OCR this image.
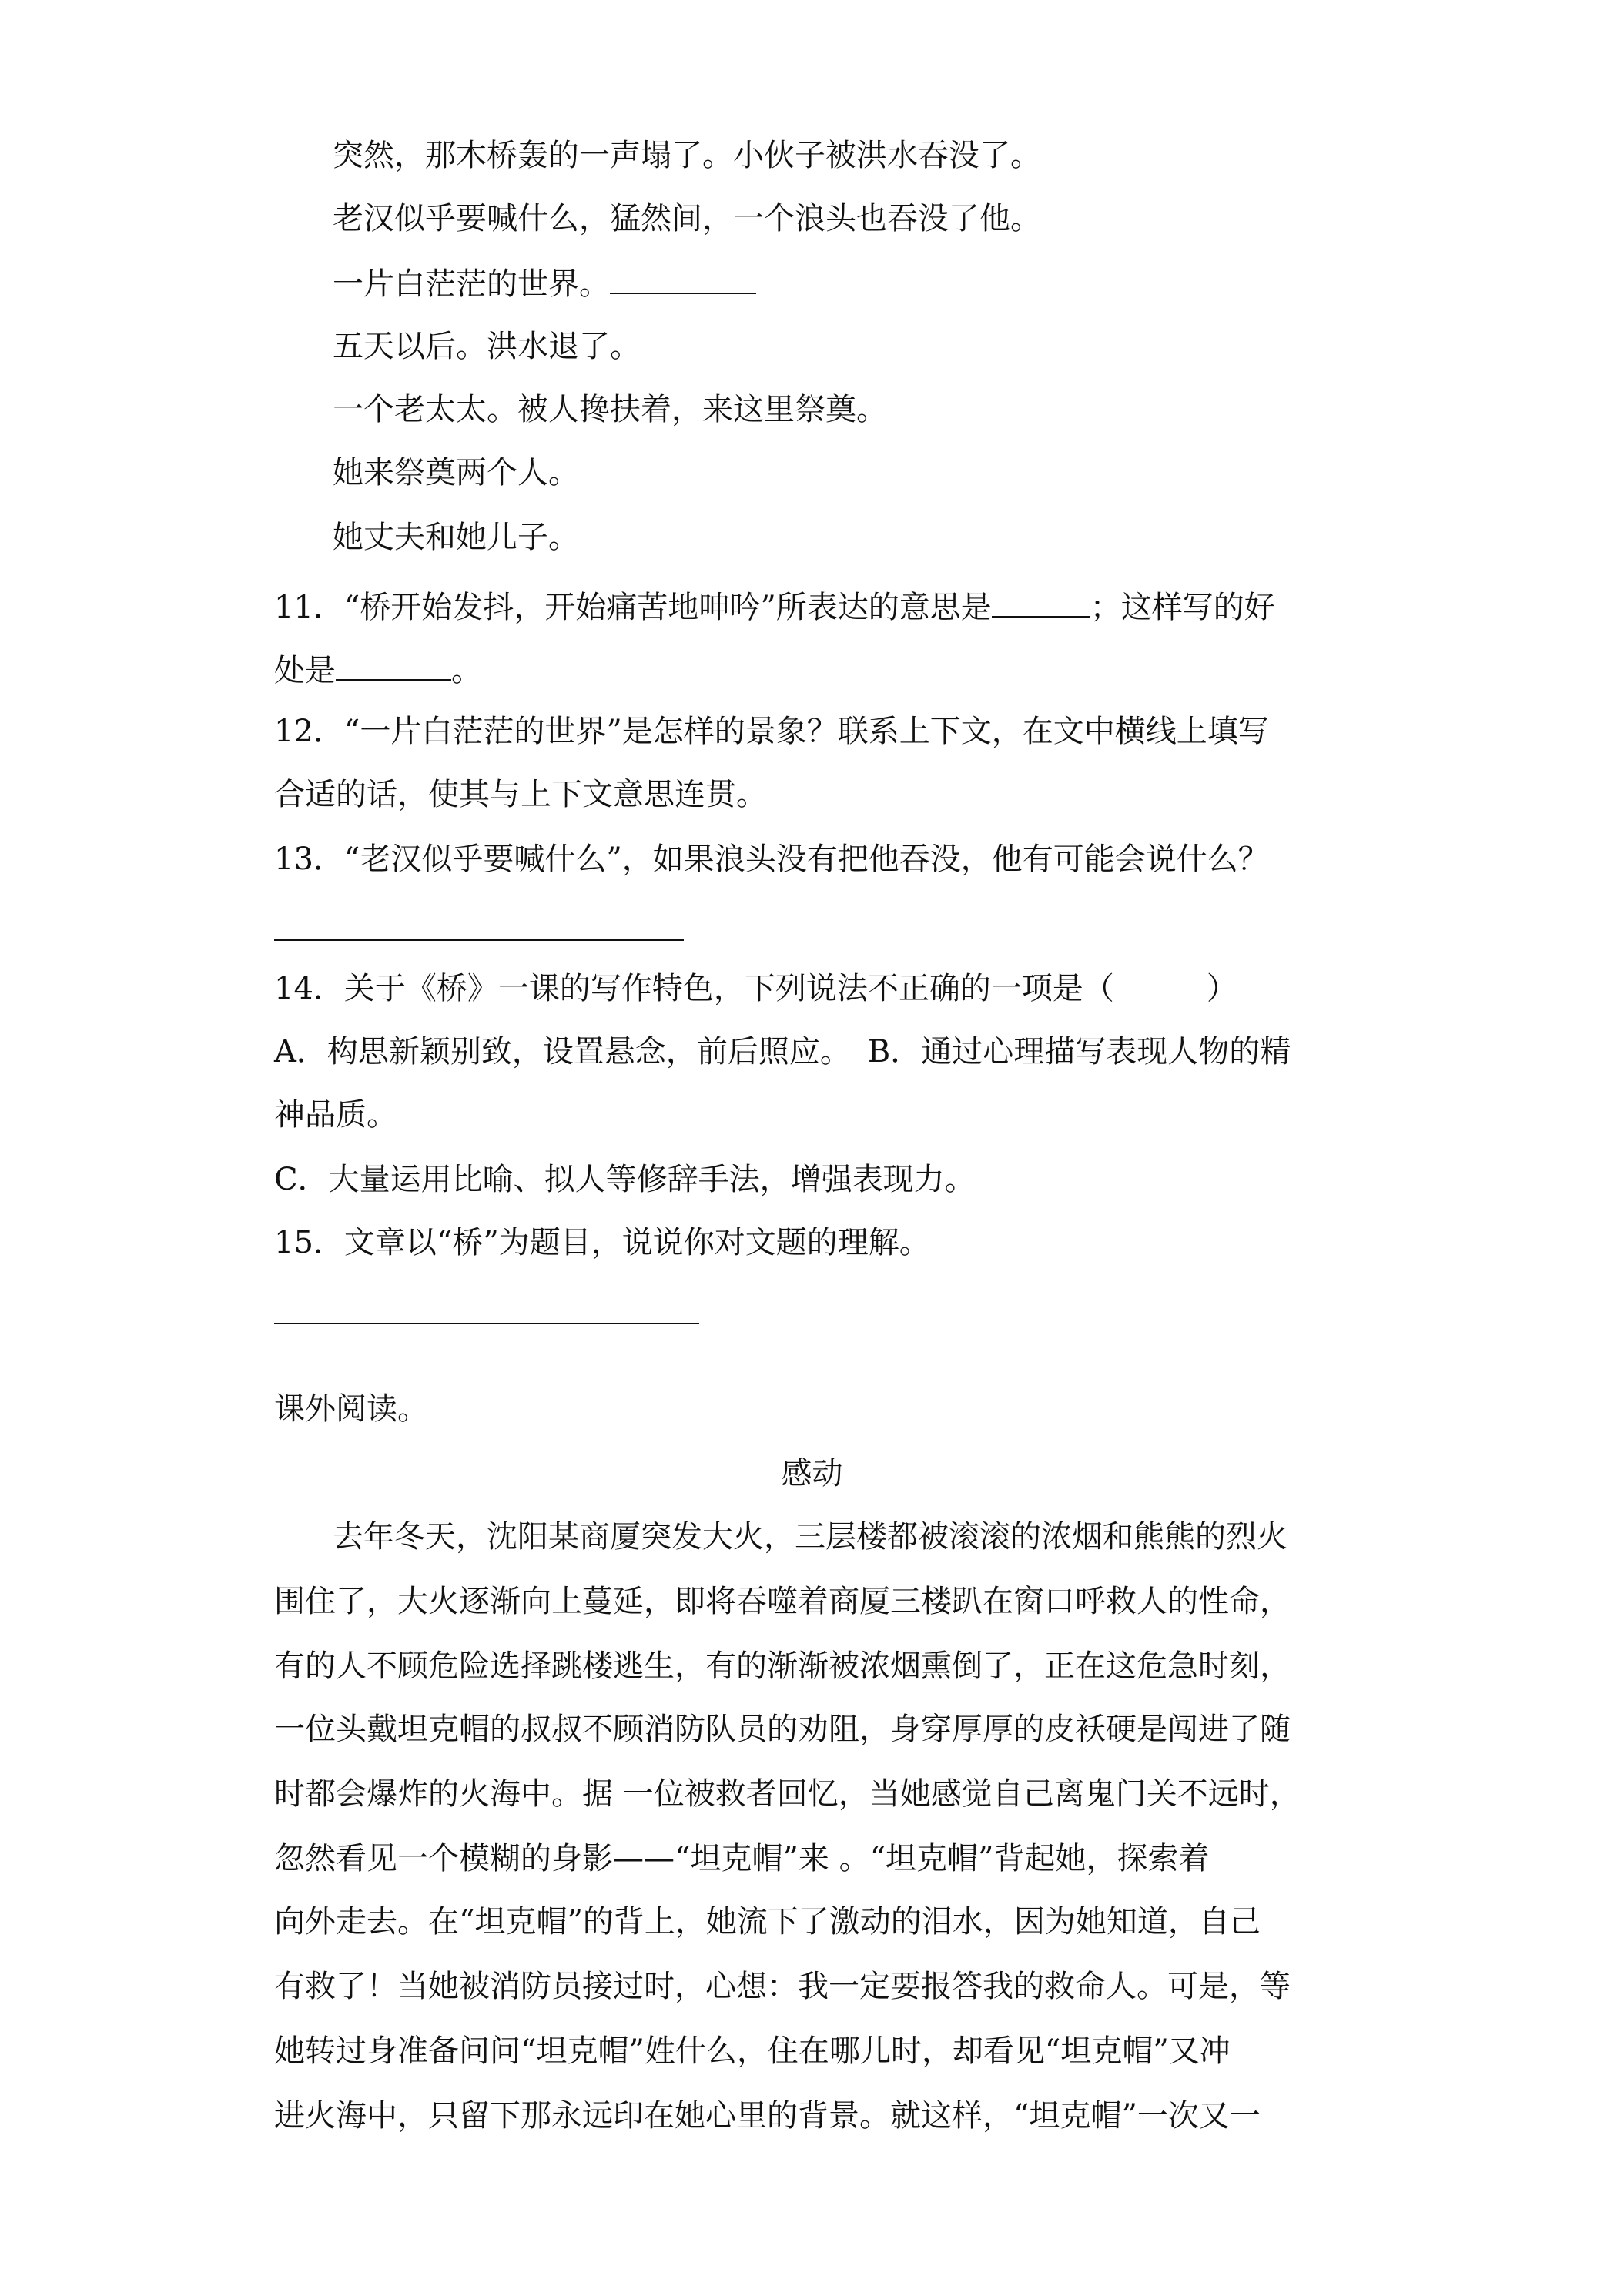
突然，那木桥轰的一声塌了。小伙子被洪水吞没了。
老汉似乎要喊什么，猛然间，一个浪头也吞没了他。
一片白茫茫的世界。
五天以后。洪水退了。
一个老太太。被人搀扶着，来这里祭奠。
她来祭奠两个人。
她丈夫和她儿子。
11．“桥开始发抖，开始痛苦地呻吟”所表达的意思是	；这样写的好
处是	。
12．“一片白茫茫的世界”是怎样的景象？联系上下文，在文中横线上填写
合适的话，使其与上下文意思连贯。
13．“老汉似乎要喊什么”，如果浪头没有把他吞没，他有可能会说什么？
14．关于《桥》一课的写作特色，下列说法不正确的一项是（	）
A．构思新颖别致，设置悬念，前后照应。 B．通过心理描写表现人物的精
神品质。
C．大量运用比喻、拟人等修辞手法，增强表现力。
15．文章以“桥”为题目，说说你对文题的理解。
课外阅读。
感动
去年冬天，沈阳某商厦突发大火，三层楼都被滚滚的浓烟和熊熊的烈火
围住了，大火逐渐向上蔓延，即将吞噬着商厦三楼趴在窗口呼救人的性命，
有的人不顾危险选择跳楼逃生，有的渐渐被浓烟熏倒了，正在这危急时刻，
一位头戴坦克帽的叔叔不顾消防队员的劝阻，身穿厚厚的皮袄硬是闯进了随
时都会爆炸的火海中。据 一位被救者回忆，当她感觉自己离鬼门关不远时，
忽然看见一个模糊的身影——“坦克帽”来 。“坦克帽”背起她，探索着
向外走去。在“坦克帽”的背上，她流下了激动的泪水，因为她知道，自己
有救了！当她被消防员接过时，心想：我一定要报答我的救命人。可是，等
她转过身准备问问“坦克帽”姓什么，住在哪儿时，却看见“坦克帽”又冲
进火海中，只留下那永远印在她心里的背景。就这样，“坦克帽”一次又一
